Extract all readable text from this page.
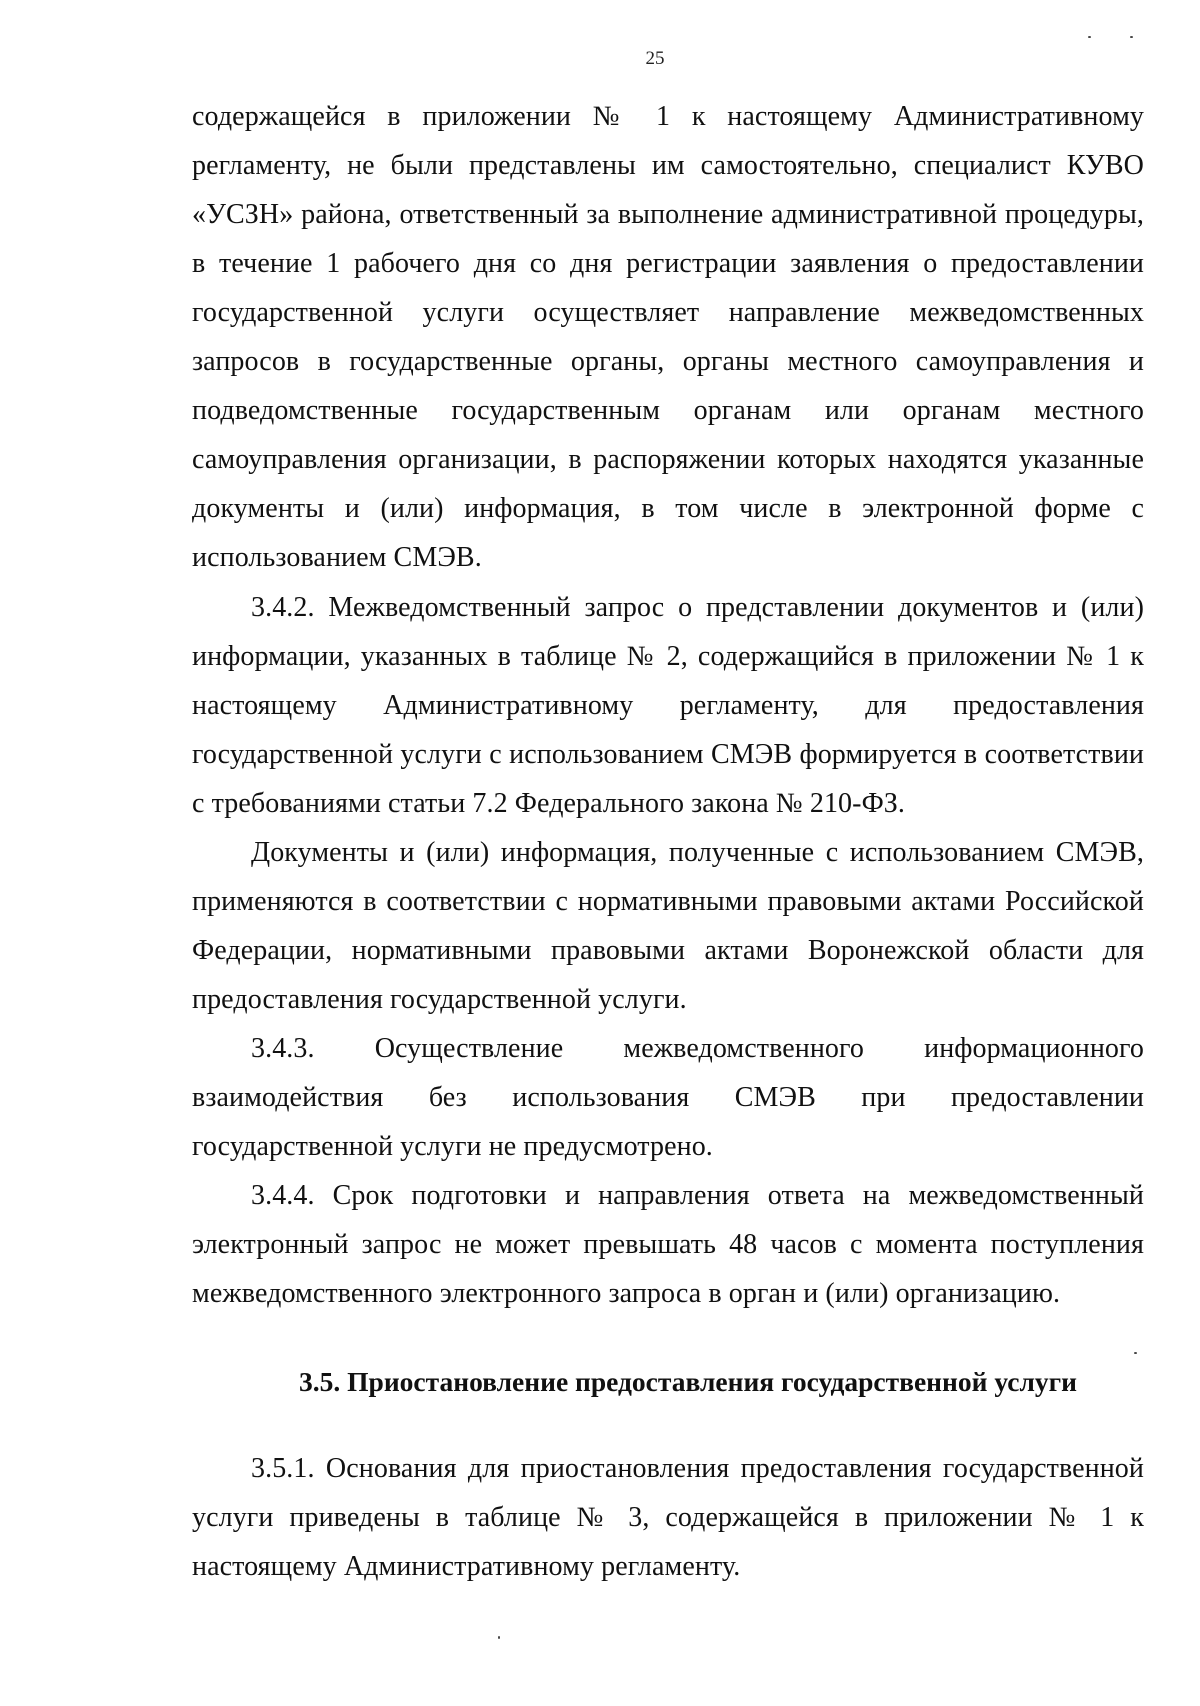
25

содержащейся в приложении № 1 к настоящему Административному регламенту, не были представлены им самостоятельно, специалист КУВО «УСЗН» района, ответственный за выполнение административной процедуры, в течение 1 рабочего дня со дня регистрации заявления о предоставлении государственной услуги осуществляет направление межведомственных запросов в государственные органы, органы местного самоуправления и подведомственные государственным органам или органам местного самоуправления организации, в распоряжении которых находятся указанные документы и (или) информация, в том числе в электронной форме с использованием СМЭВ.

3.4.2. Межведомственный запрос о представлении документов и (или) информации, указанных в таблице № 2, содержащийся в приложении № 1 к настоящему Административному регламенту, для предоставления государственной услуги с использованием СМЭВ формируется в соответствии с требованиями статьи 7.2 Федерального закона № 210-ФЗ.

Документы и (или) информация, полученные с использованием СМЭВ, применяются в соответствии с нормативными правовыми актами Российской Федерации, нормативными правовыми актами Воронежской области для предоставления государственной услуги.

3.4.3. Осуществление межведомственного информационного взаимодействия без использования СМЭВ при предоставлении государственной услуги не предусмотрено.

3.4.4. Срок подготовки и направления ответа на межведомственный электронный запрос не может превышать 48 часов с момента поступления межведомственного электронного запроса в орган и (или) организацию.

3.5. Приостановление предоставления государственной услуги

3.5.1. Основания для приостановления предоставления государственной услуги приведены в таблице № 3, содержащейся в приложении № 1 к настоящему Административному регламенту.
